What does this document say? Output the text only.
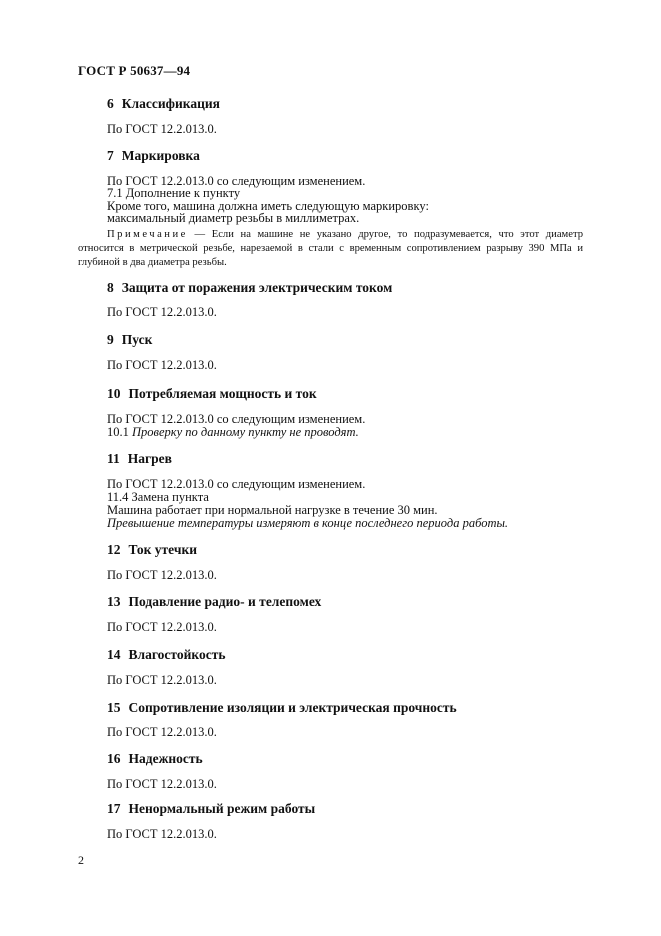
ГОСТ Р 50637—94
6 Классификация
По ГОСТ 12.2.013.0.
7 Маркировка
По ГОСТ 12.2.013.0 со следующим изменением.
7.1 Дополнение к пункту
Кроме того, машина должна иметь следующую маркировку:
максимальный диаметр резьбы в миллиметрах.
Примечание — Если на машине не указано другое, то подразумевается, что этот диаметр относится в метрической резьбе, нарезаемой в стали с временным сопротивлением разрыву 390 МПа и глубиной в два диаметра резьбы.
8 Защита от поражения электрическим током
По ГОСТ 12.2.013.0.
9 Пуск
По ГОСТ 12.2.013.0.
10 Потребляемая мощность и ток
По ГОСТ 12.2.013.0 со следующим изменением.
10.1 Проверку по данному пункту не проводят.
11 Нагрев
По ГОСТ 12.2.013.0 со следующим изменением.
11.4 Замена пункта
Машина работает при нормальной нагрузке в течение 30 мин.
Превышение температуры измеряют в конце последнего периода работы.
12 Ток утечки
По ГОСТ 12.2.013.0.
13 Подавление радио- и телепомех
По ГОСТ 12.2.013.0.
14 Влагостойкость
По ГОСТ 12.2.013.0.
15 Сопротивление изоляции и электрическая прочность
По ГОСТ 12.2.013.0.
16 Надежность
По ГОСТ 12.2.013.0.
17 Ненормальный режим работы
По ГОСТ 12.2.013.0.
2
